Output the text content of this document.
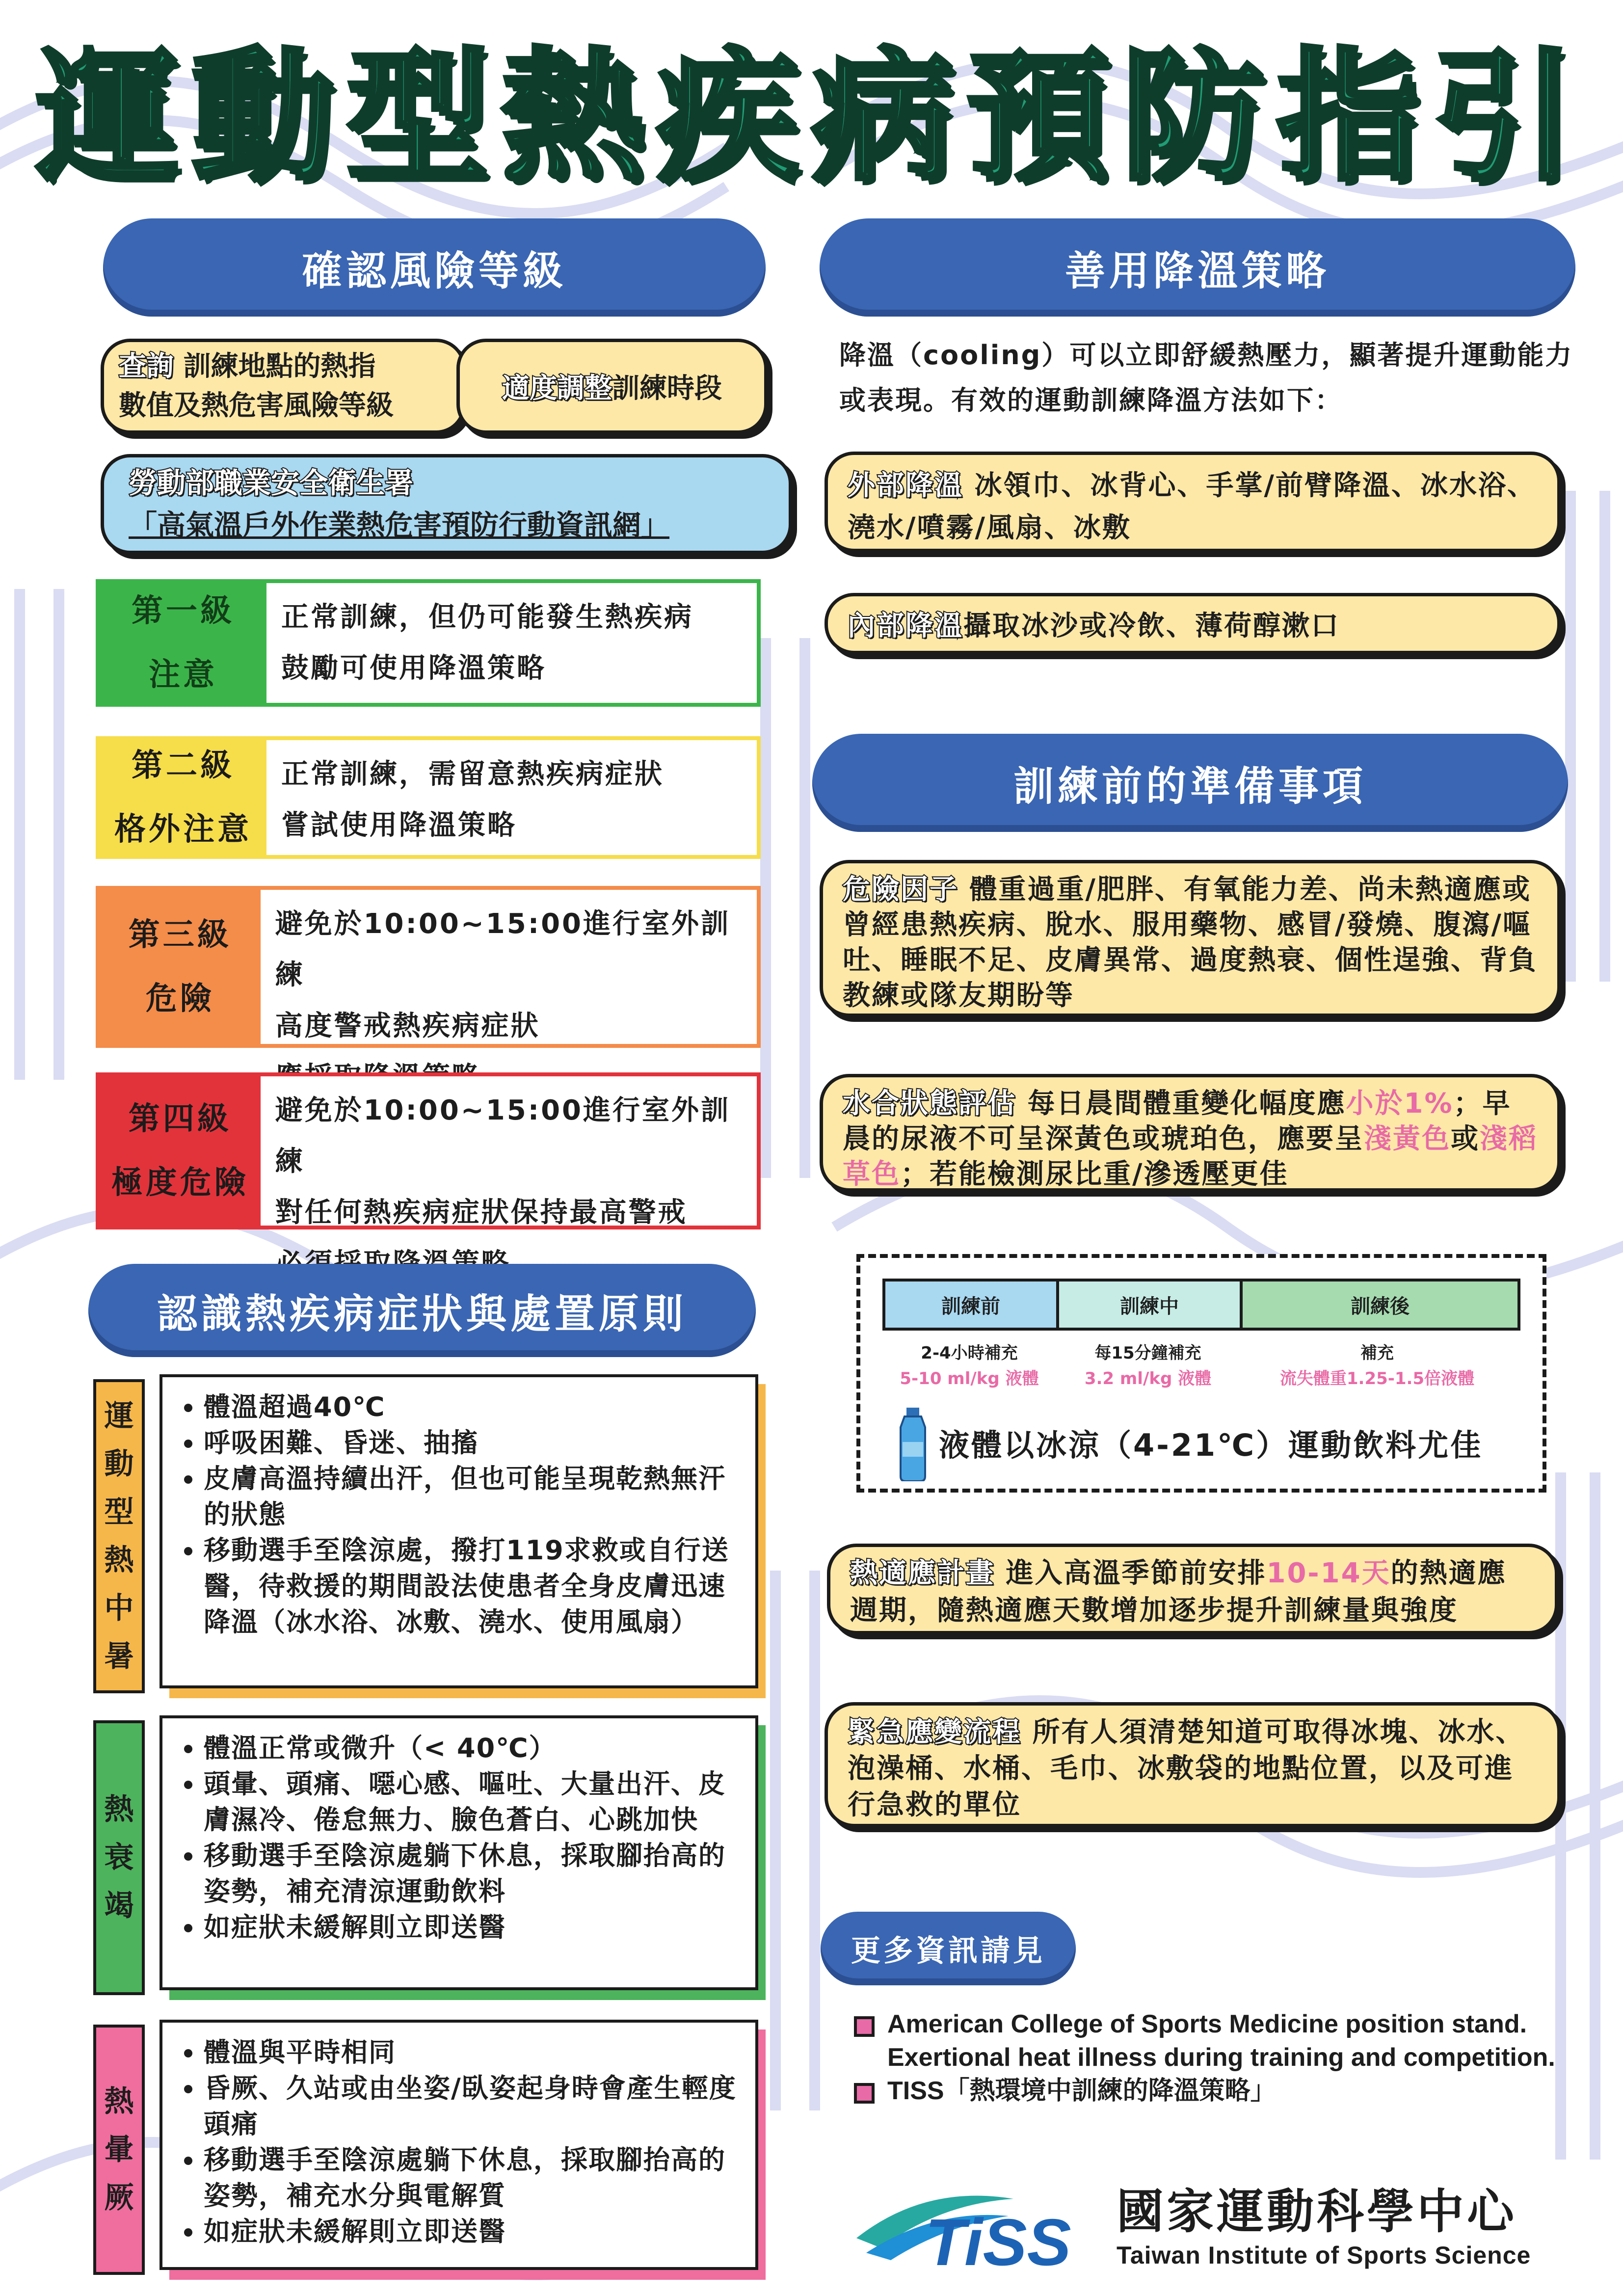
運動型熱疾病預防指引
確認風險等級
查詢 訓練地點的熱指
數值及熱危害風險等級
適度調整 訓練時段
勞動部職業安全衛生署
「高氣溫戶外作業熱危害預防行動資訊網」
第一級
注意
正常訓練，但仍可能發生熱疾病
鼓勵可使用降溫策略
第二級
格外注意
正常訓練，需留意熱疾病症狀
嘗試使用降溫策略
第三級
危險
避免於10:00~15:00進行室外訓練
高度警戒熱疾病症狀
第四級
極度危險
避免於10:00~15:00進行室外訓練
對任何熱疾病症狀保持最高警戒
認識熱疾病症狀與處置原則
運
動
型
熱
中
暑
• 體溫超過40℃
• 呼吸困難、昏迷、抽搐
• 皮膚高溫持續出汗，但也可能呈現乾熱無汗的狀態
• 移動選手至陰涼處，撥打119求救或自行送醫，待救援的期間設法使患者全身皮膚迅速降溫（冰水浴、冰敷、澆水、使用風扇）
熱
衰
竭
• 體溫正常或微升（< 40℃）
• 頭暈、頭痛、噁心感、嘔吐、大量出汗、皮膚濕冷、倦怠無力、臉色蒼白、心跳加快
• 移動選手至陰涼處躺下休息，採取腳抬高的姿勢，補充清涼運動飲料
• 如症狀未緩解則立即送醫
熱
暈
厥
• 體溫與平時相同
• 昏厥、久站或由坐姿/臥姿起身時會產生輕度頭痛
• 移動選手至陰涼處躺下休息，採取腳抬高的姿勢，補充水分與電解質
• 如症狀未緩解則立即送醫
善用降溫策略
降溫（cooling）可以立即舒緩熱壓力，顯著提升運動能力或表現。有效的運動訓練降溫方法如下：
外部降溫 冰領巾、冰背心、手掌/前臂降溫、冰水浴、澆水/噴霧/風扇、冰敷
內部降溫 攝取冰沙或冷飲、薄荷醇漱口
訓練前的準備事項
危險因子 體重過重/肥胖、有氧能力差、尚未熱適應或曾經患熱疾病、脫水、服用藥物、感冒/發燒、腹瀉/嘔吐、睡眠不足、皮膚異常、過度熱衰、個性逞強、背負教練或隊友期盼等
水合狀態評估 每日晨間體重變化幅度應小於1%；早晨的尿液不可呈深黃色或琥珀色，應要呈淺黃色或淺稻草色；若能檢測尿比重/滲透壓更佳
訓練前	訓練中	訓練後
2-4小時補充
5-10 ml/kg 液體
每15分鐘補充
3.2 ml/kg 液體
補充
流失體重1.25-1.5倍液體
液體以冰涼（4-21℃）運動飲料尤佳
熱適應計畫 進入高溫季節前安排10-14天的熱適應週期，隨熱適應天數增加逐步提升訓練量與強度
緊急應變流程 所有人須清楚知道可取得冰塊、冰水、泡澡桶、水桶、毛巾、冰敷袋的地點位置，以及可進行急救的單位
更多資訊請見
American College of Sports Medicine position stand. Exertional heat illness during training and competition.
TISS「熱環境中訓練的降溫策略」
TiSS 國家運動科學中心
Taiwan Institute of Sports Science
